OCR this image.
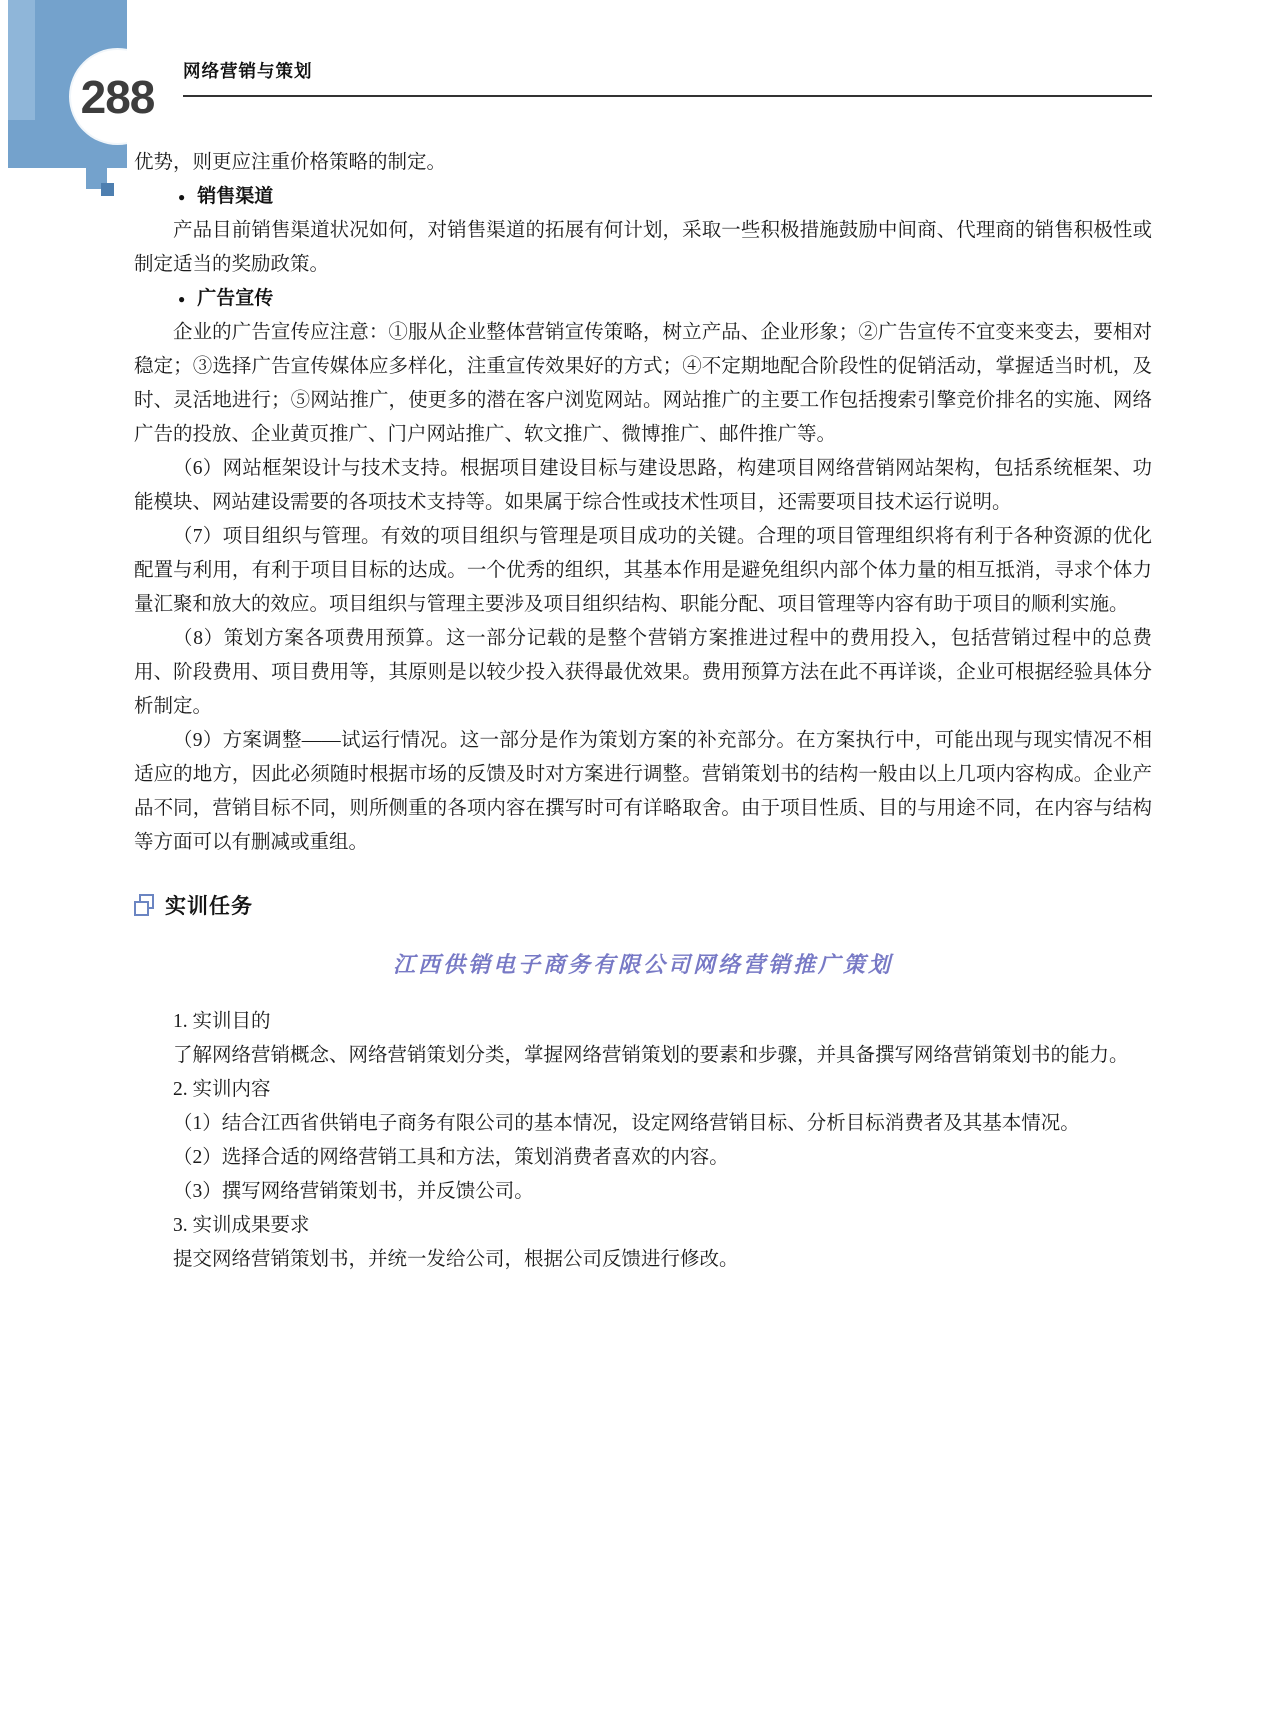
288 网络营销与策划

优势，则更应注重价格策略的制定。

● 销售渠道

产品目前销售渠道状况如何，对销售渠道的拓展有何计划，采取一些积极措施鼓励中间商、代理商的销售积极性或制定适当的奖励政策。

● 广告宣传

企业的广告宣传应注意：①服从企业整体营销宣传策略，树立产品、企业形象；②广告宣传不宜变来变去，要相对稳定；③选择广告宣传媒体应多样化，注重宣传效果好的方式；④不定期地配合阶段性的促销活动，掌握适当时机，及时、灵活地进行；⑤网站推广，使更多的潜在客户浏览网站。网站推广的主要工作包括搜索引擎竞价排名的实施、网络广告的投放、企业黄页推广、门户网站推广、软文推广、微博推广、邮件推广等。

（6）网站框架设计与技术支持。根据项目建设目标与建设思路，构建项目网络营销网站架构，包括系统框架、功能模块、网站建设需要的各项技术支持等。如果属于综合性或技术性项目，还需要项目技术运行说明。

（7）项目组织与管理。有效的项目组织与管理是项目成功的关键。合理的项目管理组织将有利于各种资源的优化配置与利用，有利于项目目标的达成。一个优秀的组织，其基本作用是避免组织内部个体力量的相互抵消，寻求个体力量汇聚和放大的效应。项目组织与管理主要涉及项目组织结构、职能分配、项目管理等内容有助于项目的顺利实施。

（8）策划方案各项费用预算。这一部分记载的是整个营销方案推进过程中的费用投入，包括营销过程中的总费用、阶段费用、项目费用等，其原则是以较少投入获得最优效果。费用预算方法在此不再详谈，企业可根据经验具体分析制定。

（9）方案调整——试运行情况。这一部分是作为策划方案的补充部分。在方案执行中，可能出现与现实情况不相适应的地方，因此必须随时根据市场的反馈及时对方案进行调整。营销策划书的结构一般由以上几项内容构成。企业产品不同，营销目标不同，则所侧重的各项内容在撰写时可有详略取舍。由于项目性质、目的与用途不同，在内容与结构等方面可以有删减或重组。

实训任务
江西供销电子商务有限公司网络营销推广策划

1. 实训目的

了解网络营销概念、网络营销策划分类，掌握网络营销策划的要素和步骤，并具备撰写网络营销策划书的能力。

2. 实训内容

（1）结合江西省供销电子商务有限公司的基本情况，设定网络营销目标、分析目标消费者及其基本情况。

（2）选择合适的网络营销工具和方法，策划消费者喜欢的内容。

（3）撰写网络营销策划书，并反馈公司。

3. 实训成果要求

提交网络营销策划书，并统一发给公司，根据公司反馈进行修改。
